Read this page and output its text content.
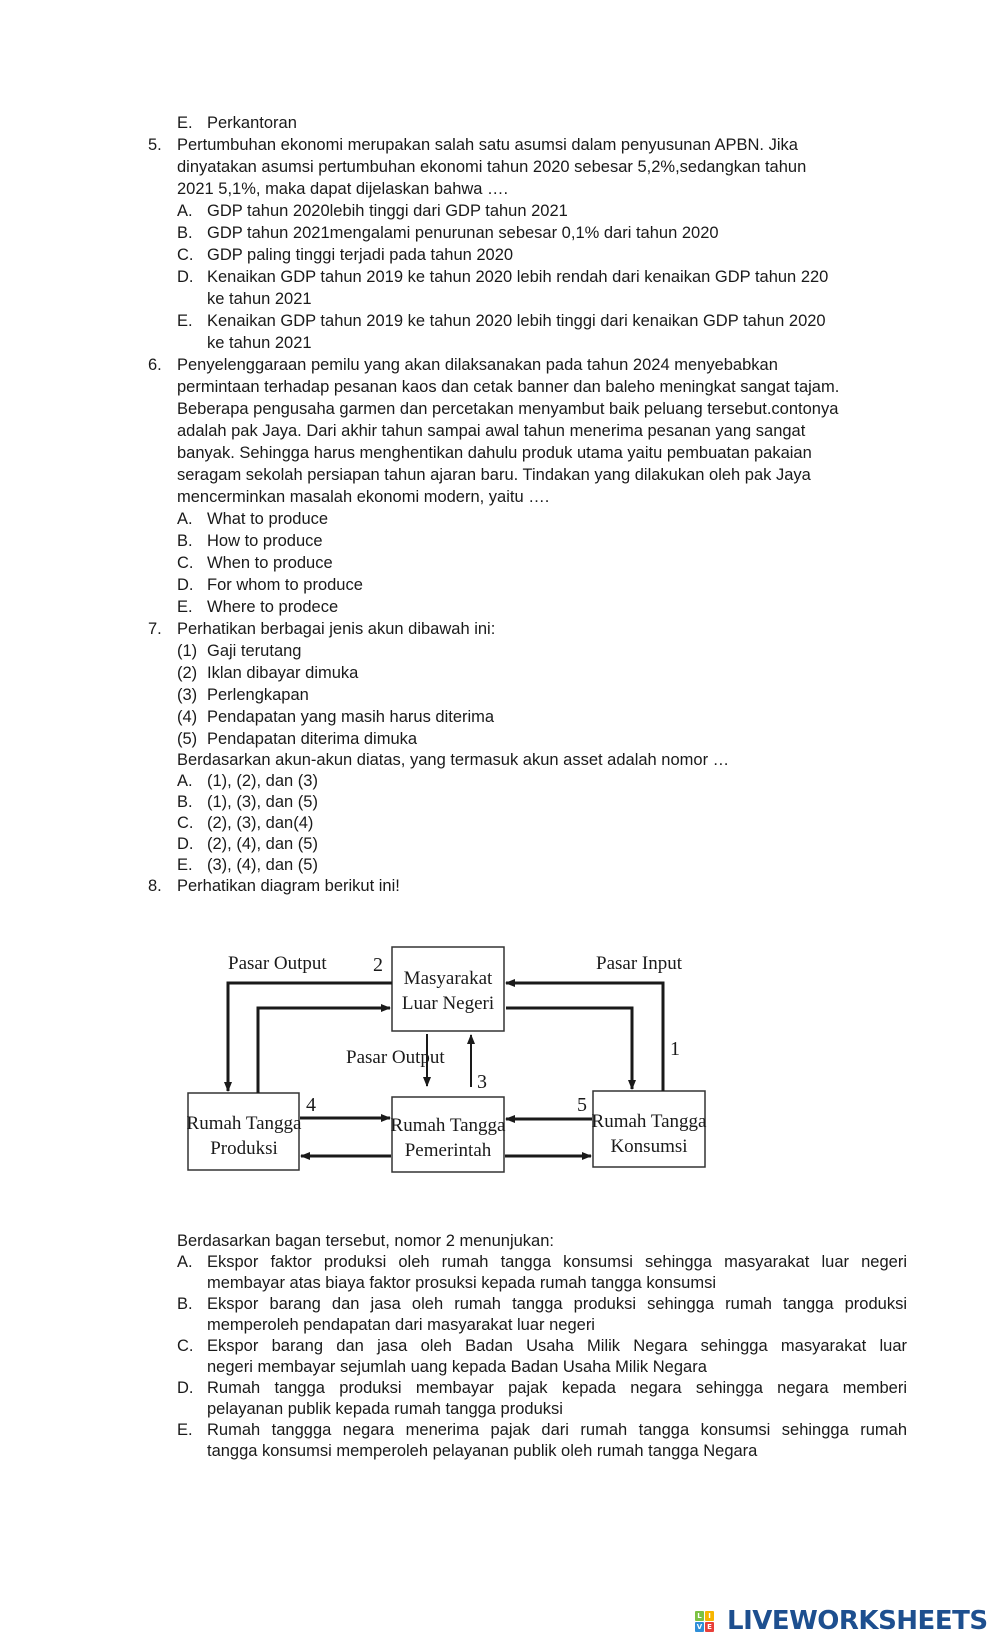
E. Perkantoran
5. Pertumbuhan ekonomi merupakan salah satu asumsi dalam penyusunan APBN. Jika
dinyatakan asumsi pertumbuhan ekonomi tahun 2020 sebesar 5,2%,sedangkan tahun
2021 5,1%, maka dapat dijelaskan bahwa ….
A. GDP tahun 2020lebih tinggi dari GDP tahun 2021
B. GDP tahun 2021mengalami penurunan sebesar 0,1% dari tahun 2020
C. GDP paling tinggi terjadi pada tahun 2020
D. Kenaikan GDP tahun 2019 ke tahun 2020 lebih rendah dari kenaikan GDP tahun 220
ke tahun 2021
E. Kenaikan GDP tahun 2019 ke tahun 2020 lebih tinggi dari kenaikan GDP tahun 2020
ke tahun 2021
6. Penyelenggaraan pemilu yang akan dilaksanakan pada tahun 2024 menyebabkan
permintaan terhadap pesanan kaos dan cetak banner dan baleho meningkat sangat tajam.
Beberapa pengusaha garmen dan percetakan menyambut baik peluang tersebut.contonya
adalah pak Jaya. Dari akhir tahun sampai awal tahun menerima pesanan yang sangat
banyak. Sehingga harus menghentikan dahulu produk utama yaitu pembuatan pakaian
seragam sekolah persiapan tahun ajaran baru. Tindakan yang dilakukan oleh pak Jaya
mencerminkan masalah ekonomi modern, yaitu ….
A. What to produce
B. How to produce
C. When to produce
D. For whom to produce
E. Where to prodece
7. Perhatikan berbagai jenis akun dibawah ini:
(1) Gaji terutang
(2) Iklan dibayar dimuka
(3) Perlengkapan
(4) Pendapatan yang masih harus diterima
(5) Pendapatan diterima dimuka
Berdasarkan akun-akun diatas, yang termasuk akun asset adalah nomor …
A. (1), (2), dan (3)
B. (1), (3), dan (5)
C. (2), (3), dan(4)
D. (2), (4), dan (5)
E. (3), (4), dan (5)
8. Perhatikan diagram berikut ini!
Masyarakat
Luar Negeri
Rumah Tangga
Produksi
Rumah Tangga
Pemerintah
Rumah Tangga
Konsumsi
Pasar Output
Pasar Output
Pasar Input
2
1
3
4	5
Berdasarkan bagan tersebut, nomor 2 menunjukan:
A. Ekspor faktor produksi oleh rumah tangga konsumsi sehingga masyarakat luar negeri
membayar atas biaya faktor prosuksi kepada rumah tangga konsumsi
B. Ekspor barang dan jasa oleh rumah tangga produksi sehingga rumah tangga produksi
memperoleh pendapatan dari masyarakat luar negeri
C. Ekspor barang dan jasa oleh Badan Usaha Milik Negara sehingga masyarakat luar
negeri membayar sejumlah uang kepada Badan Usaha Milik Negara
D. Rumah tangga produksi membayar pajak kepada negara sehingga negara memberi
pelayanan publik kepada rumah tangga produksi
E. Rumah tanggga negara menerima pajak dari rumah tangga konsumsi sehingga rumah
tangga konsumsi memperoleh pelayanan publik oleh rumah tangga Negara
L I
V E LIVEWORKSHEETS
